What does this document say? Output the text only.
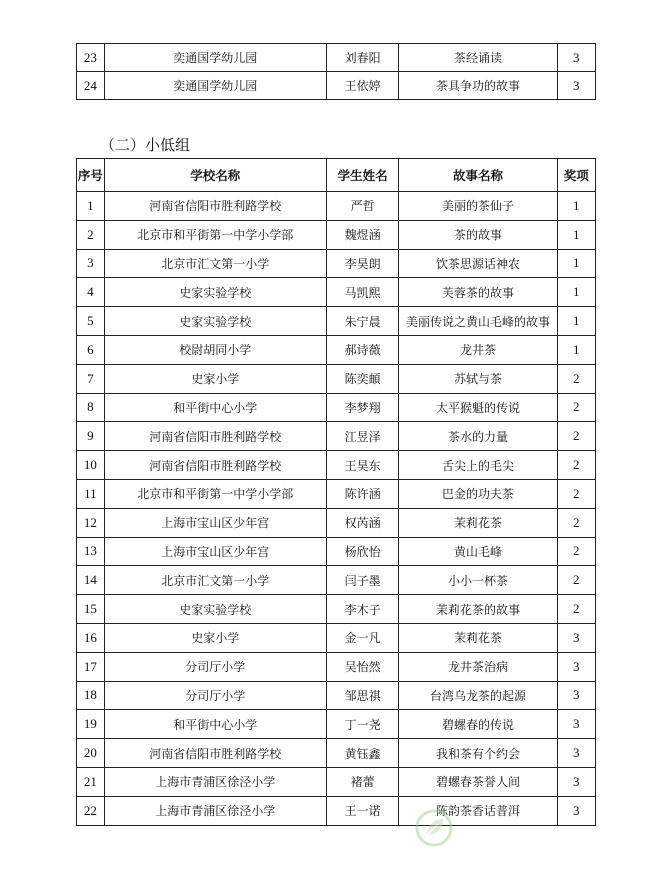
23	奕通国学幼儿园	刘春阳	茶经诵读	3
24	奕通国学幼儿园	王依婷	茶具争功的故事	3
（二）小低组
序号	学校名称	学生姓名	故事名称	奖项
1	河南省信阳市胜利路学校	严哲	美丽的茶仙子	1
2	北京市和平街第一中学小学部	魏煜涵	茶的故事	1
3	北京市汇文第一小学	李昊朗	饮茶思源话神农	1
4	史家实验学校	马凯熙	芙蓉茶的故事	1
5	史家实验学校	朱宁晨	美丽传说之黄山毛峰的故事	1
6	校尉胡同小学	郝诗薇	龙井茶	1
7	史家小学	陈奕頔	苏轼与茶	2
8	和平街中心小学	李梦翔	太平猴魁的传说	2
9	河南省信阳市胜利路学校	江昱泽	茶水的力量	2
10	河南省信阳市胜利路学校	王昊东	舌尖上的毛尖	2
11	北京市和平街第一中学小学部	陈许涵	巴金的功夫茶	2
12	上海市宝山区少年宫	权芮涵	茉莉花茶	2
13	上海市宝山区少年宫	杨欣怡	黄山毛峰	2
14	北京市汇文第一小学	闫子墨	小小一杯茶	2
15	史家实验学校	李木子	茉莉花茶的故事	2
16	史家小学	金一凡	茉莉花茶	3
17	分司厅小学	吴怡然	龙井茶治病	3
18	分司厅小学	邹思祺	台湾乌龙茶的起源	3
19	和平街中心小学	丁一尧	碧螺春的传说	3
20	河南省信阳市胜利路学校	黄钰鑫	我和茶有个约会	3
21	上海市青浦区徐泾小学	褚蕾	碧螺春茶誉人间	3
22	上海市青浦区徐泾小学	王一诺	陈韵茶香话普洱	3
